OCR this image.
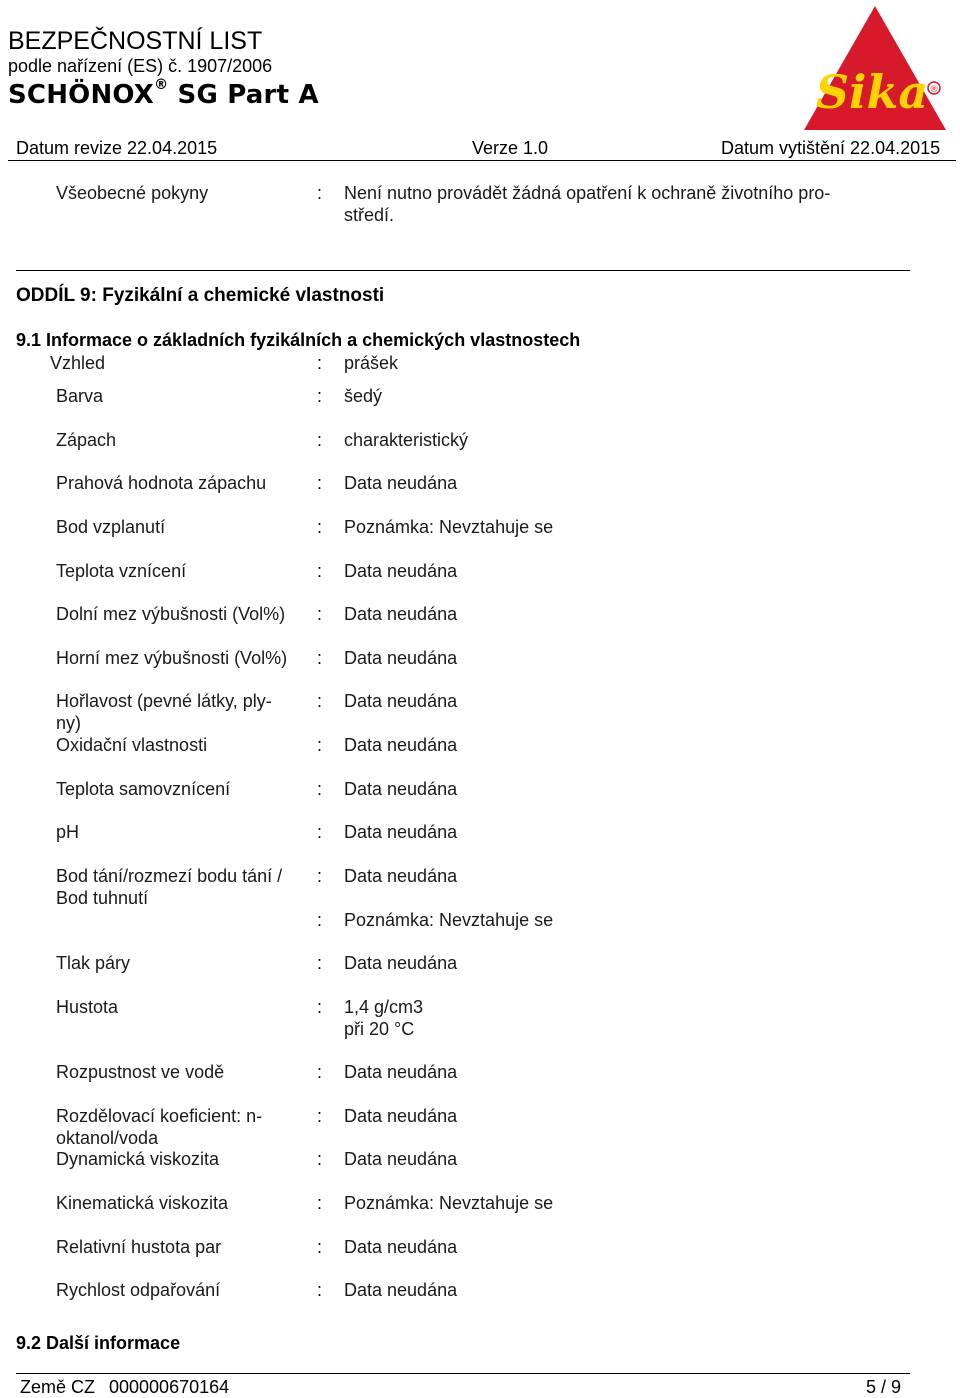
BEZPEČNOSTNÍ LIST
podle nařízení (ES) č. 1907/2006
SCHÖNOX® SG Part A	Sika ®
Datum revize 22.04.2015	Verze 1.0	Datum vytištění 22.04.2015
Všeobecné pokyny	: Není nutno provádět žádná opatření k ochraně životního pro-
středí.
ODDÍL 9: Fyzikální a chemické vlastnosti
9.1 Informace o základních fyzikálních a chemických vlastnostech
Vzhled	: prášek
Barva	: šedý
Zápach	: charakteristický
Prahová hodnota zápachu	: Data neudána
Bod vzplanutí	: Poznámka: Nevztahuje se
Teplota vznícení	: Data neudána
Dolní mez výbušnosti (Vol%) : Data neudána
Horní mez výbušnosti (Vol%) : Data neudána
Hořlavost (pevné látky, ply-
ny)
: Data neudána
Oxidační vlastnosti	: Data neudána
Teplota samovznícení	: Data neudána
pH	: Data neudána
Bod tání/rozmezí bodu tání /
Bod tuhnutí
: Data neudána
: Poznámka: Nevztahuje se
Tlak páry	: Data neudána
Hustota	: 1,4 g/cm3
při 20 °C
Rozpustnost ve vodě	: Data neudána
Rozdělovací koeficient: n-
oktanol/voda
: Data neudána
Dynamická viskozita	: Data neudána
Kinematická viskozita	: Poznámka: Nevztahuje se
Relativní hustota par	: Data neudána
Rychlost odpařování	: Data neudána
9.2 Další informace
Země CZ 000000670164	5 / 9
